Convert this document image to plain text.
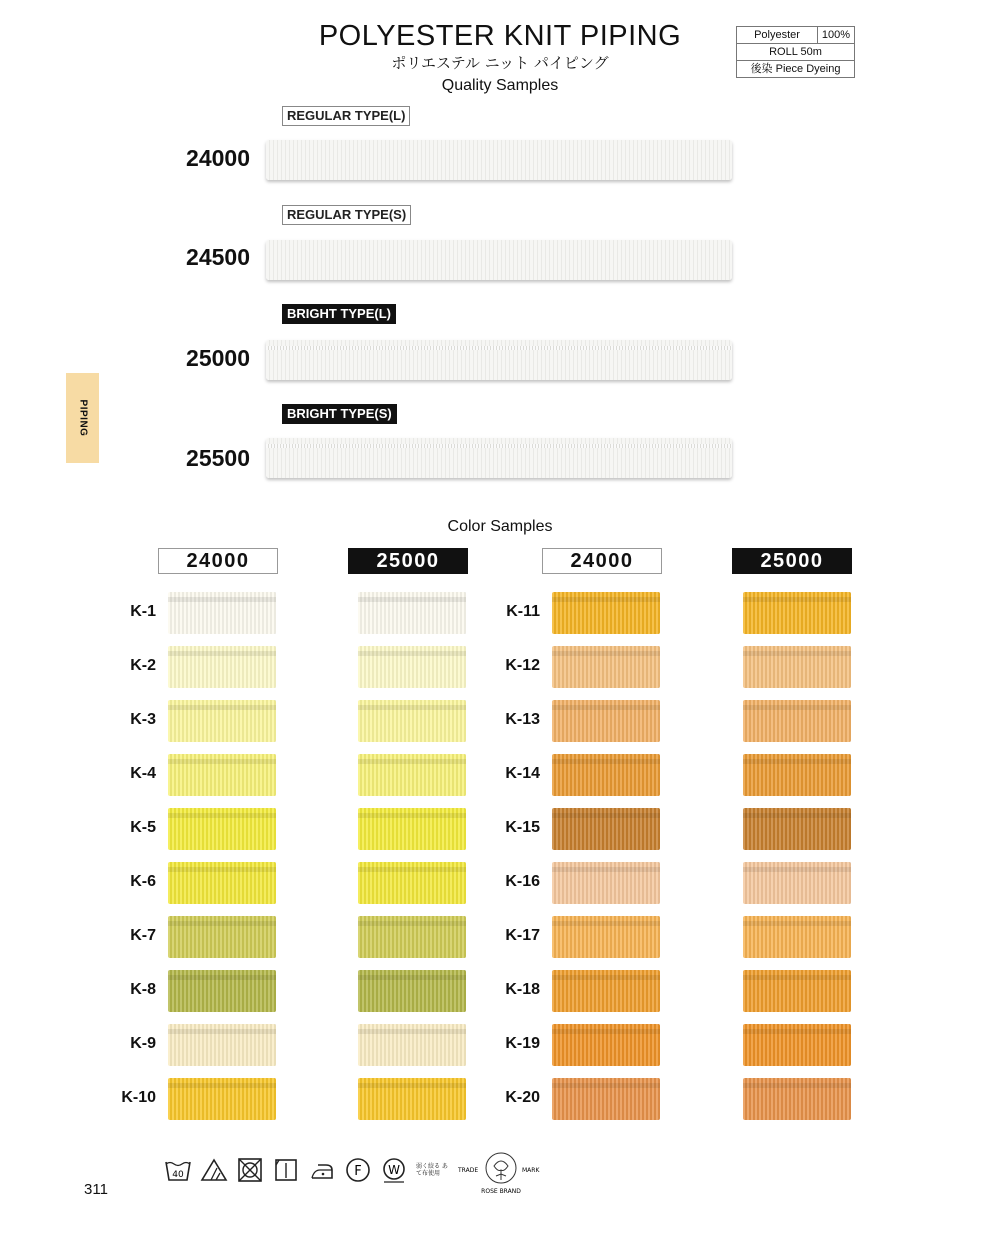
POLYESTER KNIT PIPING
ポリエステル ニット パイピング
Quality Samples
Polyester	100%
ROLL 50m
後染 Piece Dyeing
PIPING
REGULAR TYPE(L)
24000
REGULAR TYPE(S)
24500
BRIGHT TYPE(L)
25000
BRIGHT TYPE(S)
25500
Color Samples
24000	25000	24000	25000
K-1
K-2
K-3
K-4
K-5
K-6
K-7
K-8
K-9
K-10
K-11
K-12
K-13
K-14
K-15
K-16
K-17
K-18
K-19
K-20
40	F W	弱く絞る あて布使用	TRADE	MARK
ROSE BRAND
311
